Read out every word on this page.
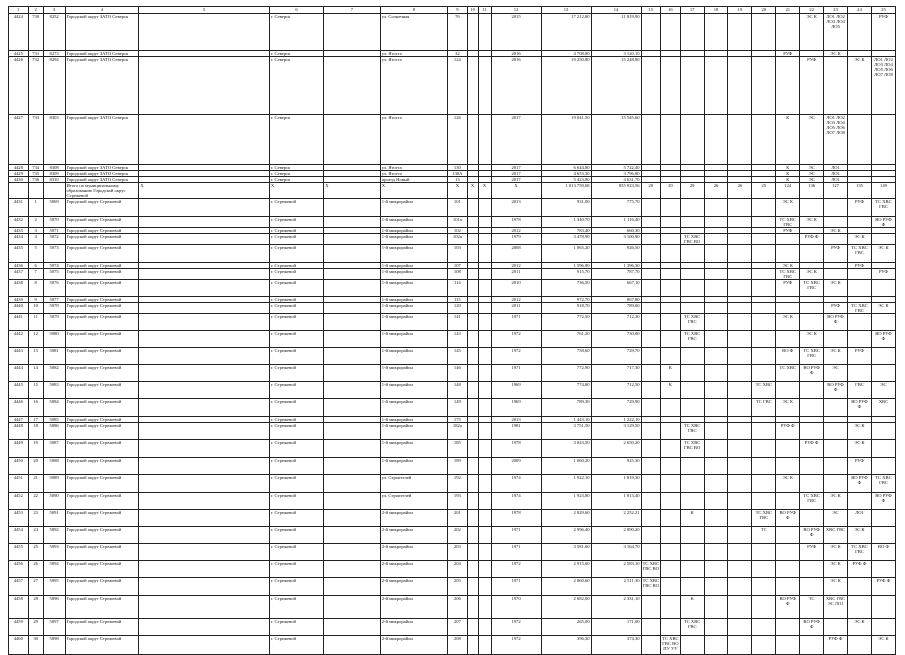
1	2	3	4	5	6	7	8	9	10	11	12	13	14	15	16	17	18	19	20	21	22	23	24	25
4424	730	8252	Городской округ ЗАТО Северск		г. Северск		ул. Солнечная	76			2015	17 212,80	11 819,90								ЭС К	ЛО1 ЛО2 ЛО3 ЛО4 ЛО5		РУФ
4425	731	8273	Городской округ ЗАТО Северск		г. Северск		ул. Ятогта	32			2016	4 708,80	3 120,10							РУФ		ЭС К		
4426	732	8294	Городской округ ЗАТО Северск		г. Северск		ул. Ятогта	124			2016	19 250,80	15 248,80								РУФ		ЭС К	ЛО1 ЛО2 ЛО3 ЛО4 ЛО5 ЛО6 ЛО7 ЛО8
4427	733	8303	Городской округ ЗАТО Северск		г. Северск		ул. Ятогта	126			2017	19 041,50	15 545,60							К	ЭС	ЛО1 ЛО2 ЛО3 ЛО4 ЛО5 ЛО6 ЛО7 ЛО8		
4428	734	8308	Городской округ ЗАТО Северск		г. Северск		ул. Ятогта	130			2017	6 644,80	5 722,40							К	ЭС	ЛО1		
4429	735	8309	Городской округ ЗАТО Северск		г. Северск		ул. Ятогта	130А			2017	4 653,30	3 796,80							К	ЭС	ЛО1		
4430	736	8310	Городской округ ЗАТО Северск		г. Северск		проезд Новый	13			2017	5 423,80	4 631,70							К	ЭС	ЛО1		
			Итого по муниципальному образованию Городской округ Стрежевой	Х	Х	Х	Х	Х	Х	Х	Х	1 013 759,68	855 923,56	20	29	29	26	26	25	124	136	127	135	149
4431	1	5069	Городской округ Стрежевой		г. Стрежевой		1-й микрорайон	101			2013	931,00	775,70							ЭС К			РУФ	ТС ХВС ГВС
4432	2	5070	Городской округ Стрежевой		г. Стрежевой		1-й микрорайон	101а			1978	1 340,70	1 116,40							ТС ХВС ГВС	ЭС К			ВО РУФ Ф
4433	3	5071	Городской округ Стрежевой		г. Стрежевой		1-й микрорайон	102			2012	783,40	660,30							РУФ		ЭС К		
4434	4	5072	Городской округ Стрежевой		г. Стрежевой		1-й микрорайон	102а			1979	3 478,90	3 100,90			ТС ХВС ГВС ВО					РУФ Ф		ЭС К	
4435	5	5073	Городской округ Стрежевой		г. Стрежевой		1-й микрорайон	103			2008	1 065,20	926,50									РУФ	ТС ХВС ГВС	ЭС К
4436	6	5074	Городской округ Стрежевой		г. Стрежевой		1-й микрорайон	107			2012	1 596,90	1 396,30							ЭС К			РУФ	
4437	7	5075	Городской округ Стрежевой		г. Стрежевой		1-й микрорайон	108			2011	915,70	787,70							ТС ХВС ГВС	ЭС К			РУФ
4438	8	5076	Городской округ Стрежевой		г. Стрежевой		1-й микрорайон	114			2010	736,50	667,10							РУФ	ТС ХВС ГВС	ЭС К		
4439	9	5077	Городской округ Стрежевой		г. Стрежевой		1-й микрорайон	115			2012	972,70	867,80											
4440	10	5078	Городской округ Стрежевой		г. Стрежевой		1-й микрорайон	120			2011	918,70	789,60									РУФ	ТС ХВС ГВС	ЭС К
4441	11	5079	Городской округ Стрежевой		г. Стрежевой		1-й микрорайон	141			1971	772,50	712,30			ТС ХВС ГВС				ЭС К		ВО РУФ Ф		
4442	12	5080	Городской округ Стрежевой		г. Стрежевой		1-й микрорайон	143			1972	761,20	730,00			ТС ХВС ГВС					ЭС К			ВО РУФ Ф
4443	13	5081	Городской округ Стрежевой		г. Стрежевой		1-й микрорайон	145			1972	758,60	729,70							ВО Ф	ТС ХВС ГВС	ЭС К	РУФ	
4444	14	5082	Городской округ Стрежевой		г. Стрежевой		1-й микрорайон	146			1971	772,90	717,30		К					ТС ХВС	ВО РУФ Ф	ЭС		
4445	15	5083	Городской округ Стрежевой		г. Стрежевой		1-й микрорайон	148			1969	774,80	712,50		К				ТС ХВС			ВО РУФ Ф	ГВС	ЭС
4446	16	5084	Городской округ Стрежевой		г. Стрежевой		1-й микрорайон	149			1969	789,30	729,90						ТС ГВС	ЭС К			ВО РУФ Ф	ХВС
4447	17	5085	Городской округ Стрежевой		г. Стрежевой		1-й микрорайон	175			2013	1 443,10	1 222,10											
4448	18	5086	Городской округ Стрежевой		г. Стрежевой		1-й микрорайон	182а			1981	3 751,50	3 129,50			ТС ХВС ГВС				РУФ Ф			ЭС К	
4449	19	5087	Городской округ Стрежевой		г. Стрежевой		1-й микрорайон	185			1978	3 043,50	2 650,20			ТС ХВС ГВС ВО					РУФ Ф		ЭС К	
4450	20	5088	Городской округ Стрежевой		г. Стрежевой		1-й микрорайон	189			2009	1 060,20	925,30										РУФ	
4451	21	5089	Городской округ Стрежевой		г. Стрежевой		ул. Строителей	192			1974	1 922,10	1 819,30							ЭС К			ВО РУФ Ф	ТС ХВС ГВС
4452	22	5090	Городской округ Стрежевой		г. Стрежевой		ул. Строителей	193			1974	1 923,80	1 813,40								ТС ХВС ГВС	ЭС К		ВО РУФ Ф
4453	23	5091	Городской округ Стрежевой		г. Стрежевой		2-й микрорайон	201			1978	2 829,60	2 252,21			К			ТС ХВС ГВС	ВО РУФ Ф		ЭС	ЛО1	
4454	24	5092	Городской округ Стрежевой		г. Стрежевой		2-й микрорайон	202			1971	2 996,40	2 890,20						ТС		ВО РУФ Ф	ХВС ГВС	ЭС К	
4455	25	5093	Городской округ Стрежевой		г. Стрежевой		2-й микрорайон	203			1971	3 581,60	3 164,70								РУФ	ЭС К	ТС ХВС ГВС	ВО Ф
4456	26	5094	Городской округ Стрежевой		г. Стрежевой		2-й микрорайон	204			1972	2 915,60	2 583,10	ТС ХВС ГВС ВО								ЭС К	РУФ Ф	
4457	27	5095	Городской округ Стрежевой		г. Стрежевой		2-й микрорайон	205			1971	2 860,60	2 511,30	ТС ХВС ГВС ВО								ЭС К		РУФ Ф
4458	28	5096	Городской округ Стрежевой		г. Стрежевой		2-й микрорайон	206			1970	2 682,00	2 331,10			К				ВО РУФ Ф	ТС	ХВС ГВС ЭС ЛО1		
4459	29	5097	Городской округ Стрежевой		г. Стрежевой		2-й микрорайон	207			1972	265,00	171,00			ТС ХВС ГВС					ВО РУФ Ф		ЭС К	
4460	30	5098	Городской округ Стрежевой		г. Стрежевой		2-й микрорайон	208			1972	396,30	374,30		ТС ХВС ГВС ВО ПУ УУ							РУФ Ф		ЭС К
